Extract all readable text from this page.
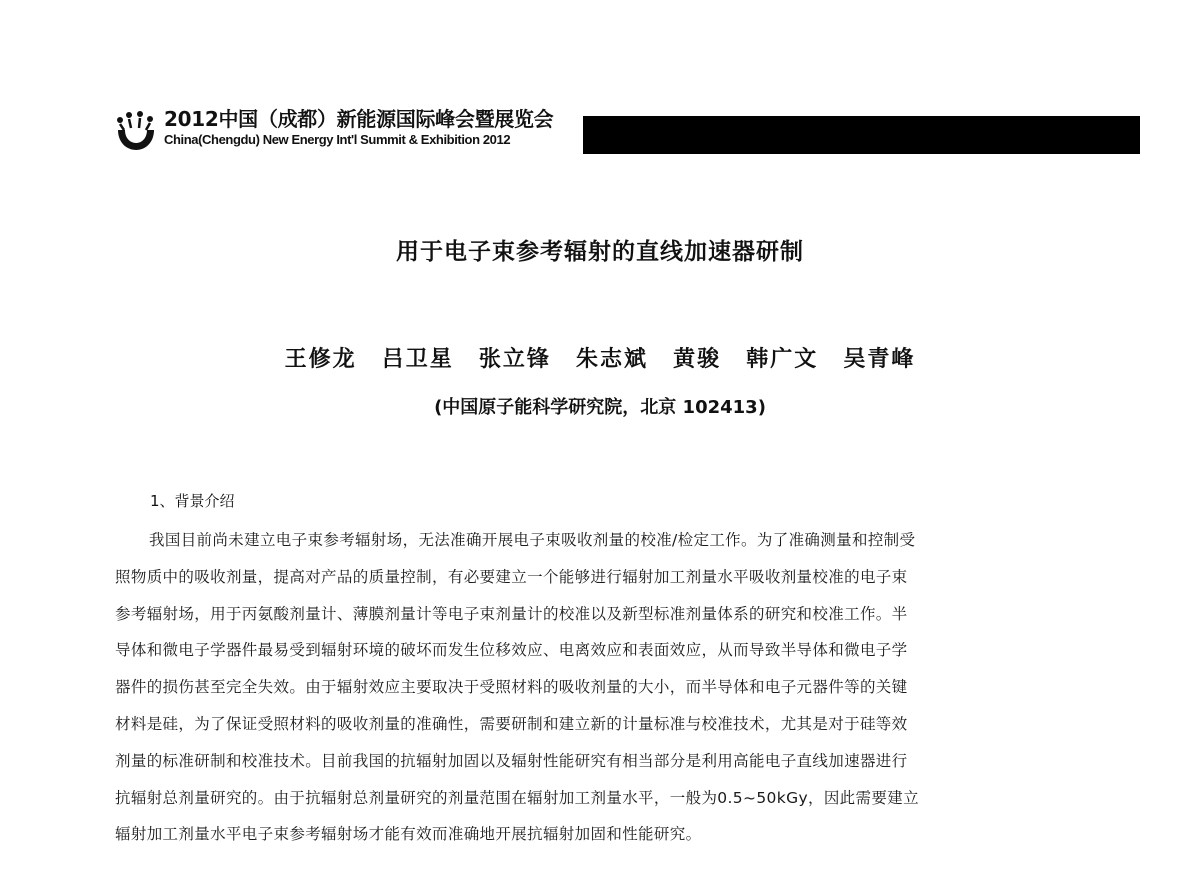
2012中国（成都）新能源国际峰会暨展览会
China(Chengdu) New Energy Int'l Summit & Exhibition 2012
用于电子束参考辐射的直线加速器研制
王修龙 吕卫星 张立锋 朱志斌 黄骏 韩广文 吴青峰
(中国原子能科学研究院，北京 102413)
1、背景介绍
我国目前尚未建立电子束参考辐射场，无法准确开展电子束吸收剂量的校准/检定工作。为了准确测量和控制受
照物质中的吸收剂量，提高对产品的质量控制，有必要建立一个能够进行辐射加工剂量水平吸收剂量校准的电子束
参考辐射场，用于丙氨酸剂量计、薄膜剂量计等电子束剂量计的校准以及新型标准剂量体系的研究和校准工作。半
导体和微电子学器件最易受到辐射环境的破坏而发生位移效应、电离效应和表面效应，从而导致半导体和微电子学
器件的损伤甚至完全失效。由于辐射效应主要取决于受照材料的吸收剂量的大小，而半导体和电子元器件等的关键
材料是硅，为了保证受照材料的吸收剂量的准确性，需要研制和建立新的计量标准与校准技术，尤其是对于硅等效
剂量的标准研制和校准技术。目前我国的抗辐射加固以及辐射性能研究有相当部分是利用高能电子直线加速器进行
抗辐射总剂量研究的。由于抗辐射总剂量研究的剂量范围在辐射加工剂量水平，一般为0.5~50kGy，因此需要建立
辐射加工剂量水平电子束参考辐射场才能有效而准确地开展抗辐射加固和性能研究。
